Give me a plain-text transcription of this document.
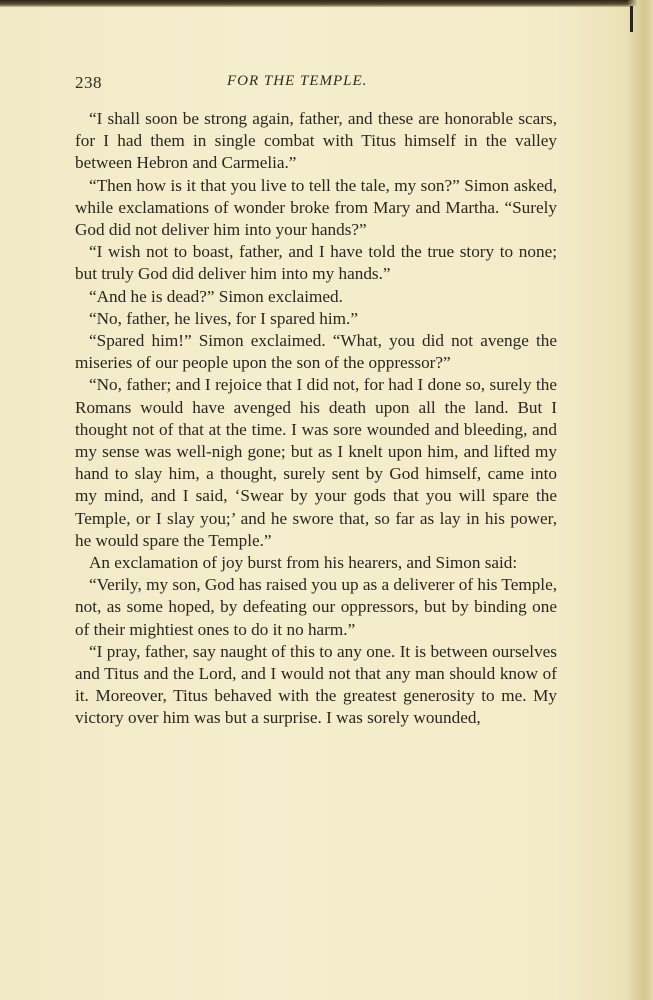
238	FOR THE TEMPLE.

“I shall soon be strong again, father, and these are honorable scars, for I had them in single combat with Titus himself in the valley between Hebron and Carmelia.”

“Then how is it that you live to tell the tale, my son?” Simon asked, while exclamations of wonder broke from Mary and Martha. “Surely God did not deliver him into your hands?”

“I wish not to boast, father, and I have told the true story to none; but truly God did deliver him into my hands.”

“And he is dead?” Simon exclaimed.

“No, father, he lives, for I spared him.”

“Spared him!” Simon exclaimed. “What, you did not avenge the miseries of our people upon the son of the oppressor?”

“No, father; and I rejoice that I did not, for had I done so, surely the Romans would have avenged his death upon all the land. But I thought not of that at the time. I was sore wounded and bleeding, and my sense was well-nigh gone; but as I knelt upon him, and lifted my hand to slay him, a thought, surely sent by God himself, came into my mind, and I said, ‘Swear by your gods that you will spare the Temple, or I slay you;’ and he swore that, so far as lay in his power, he would spare the Temple.”

An exclamation of joy burst from his hearers, and Simon said:

“Verily, my son, God has raised you up as a deliverer of his Temple, not, as some hoped, by defeating our oppressors, but by binding one of their mightiest ones to do it no harm.”

“I pray, father, say naught of this to any one. It is between ourselves and Titus and the Lord, and I would not that any man should know of it. Moreover, Titus behaved with the greatest generosity to me. My victory over him was but a surprise. I was sorely wounded,
